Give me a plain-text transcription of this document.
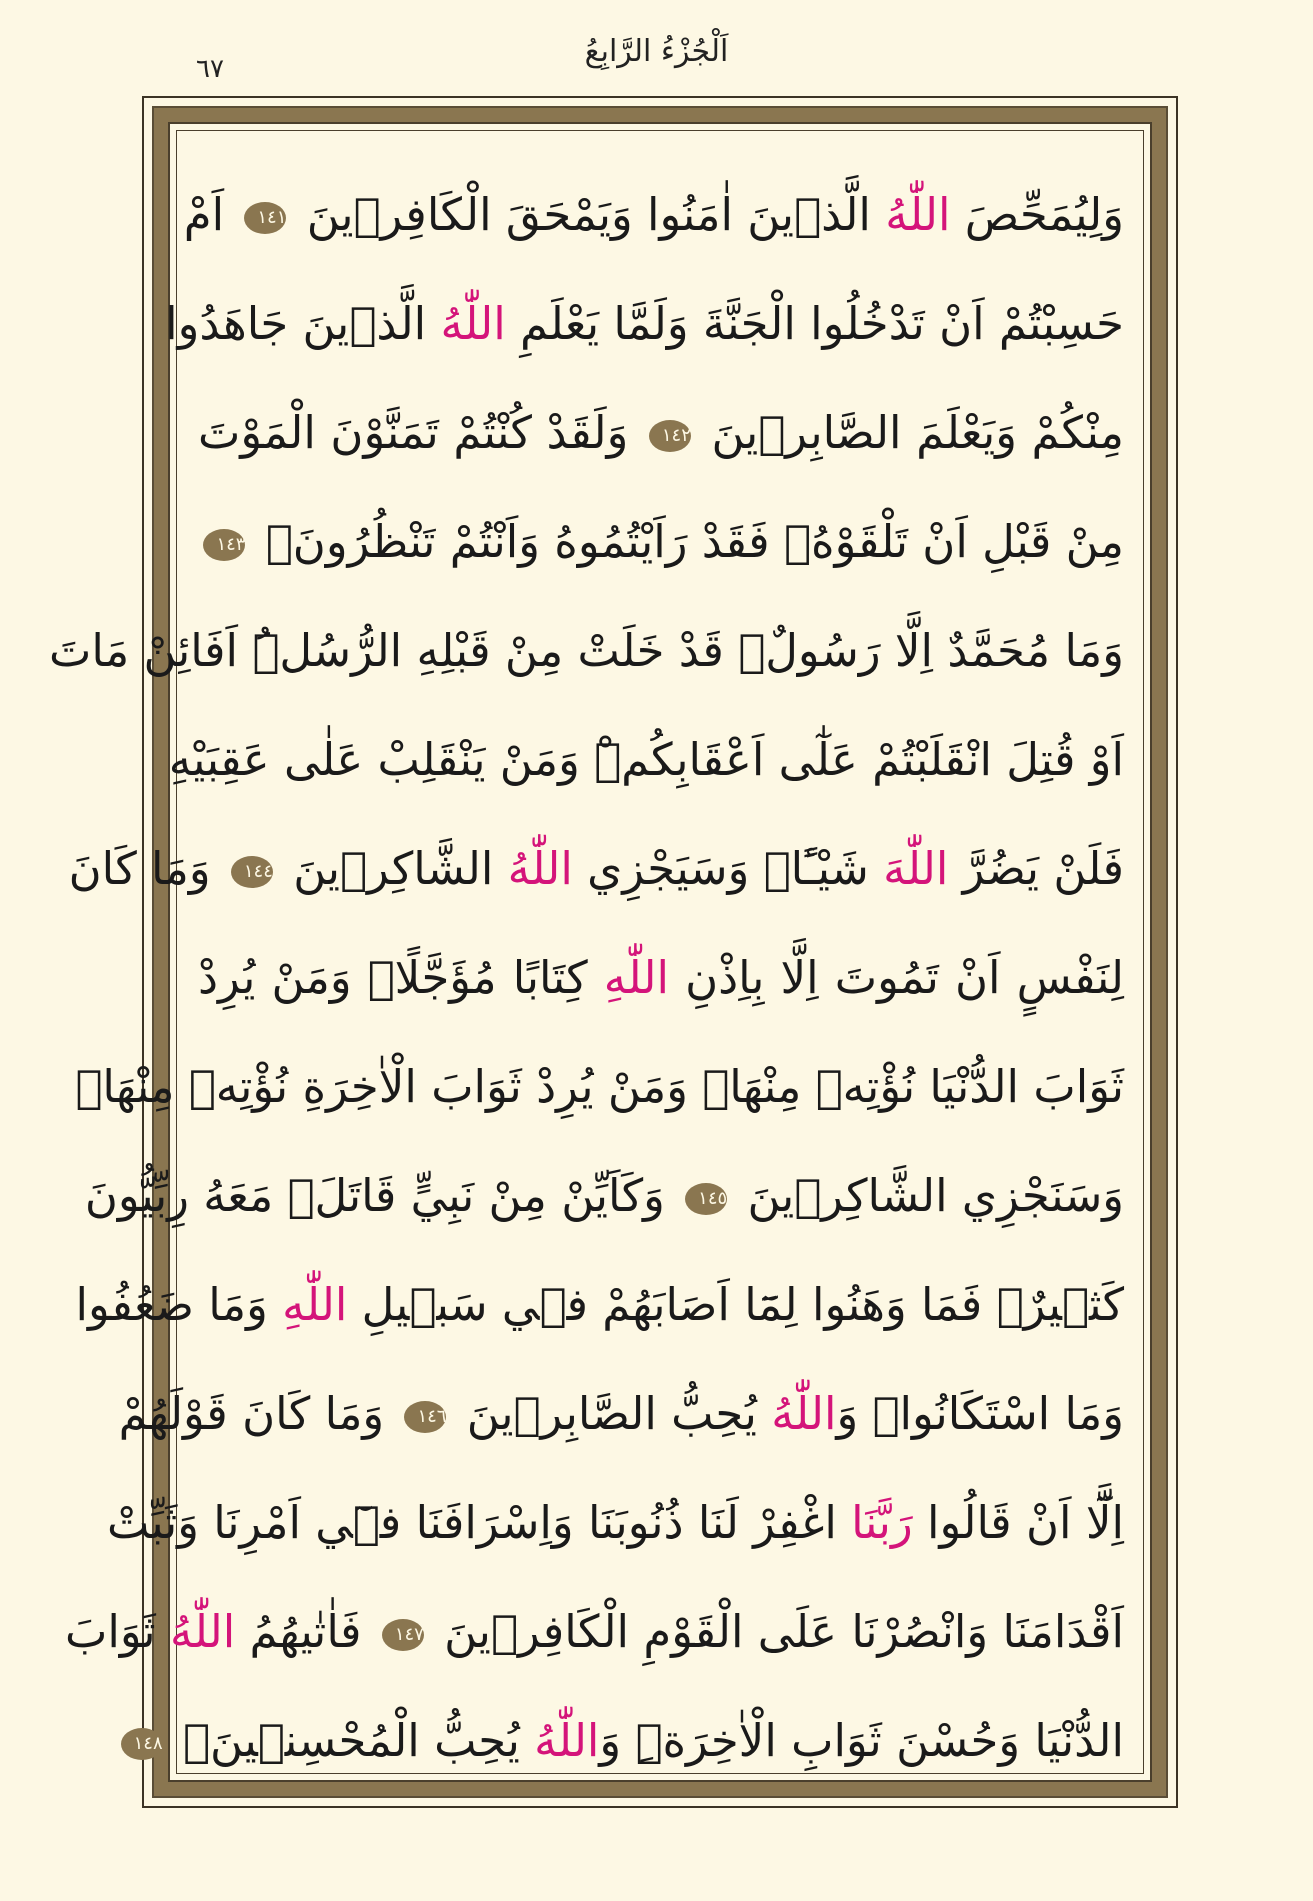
اَلْجُزْءُ الرَّابِعُ
٦٧
وَلِيُمَحِّصَ اللّٰهُ الَّذ۪ينَ اٰمَنُوا وَيَمْحَقَ الْكَافِر۪ينَ ١٤١ اَمْ
حَسِبْتُمْ اَنْ تَدْخُلُوا الْجَنَّةَ وَلَمَّا يَعْلَمِ اللّٰهُ الَّذ۪ينَ جَاهَدُوا
مِنْكُمْ وَيَعْلَمَ الصَّابِر۪ينَ ١٤٢ وَلَقَدْ كُنْتُمْ تَمَنَّوْنَ الْمَوْتَ
مِنْ قَبْلِ اَنْ تَلْقَوْهُۖ فَقَدْ رَاَيْتُمُوهُ وَاَنْتُمْ تَنْظُرُونَ۟ ١٤٣
وَمَا مُحَمَّدٌ اِلَّا رَسُولٌۚ قَدْ خَلَتْ مِنْ قَبْلِهِ الرُّسُلُۜ اَفَائِنْ مَاتَ
اَوْ قُتِلَ انْقَلَبْتُمْ عَلٰٓى اَعْقَابِكُمْۜ وَمَنْ يَنْقَلِبْ عَلٰى عَقِبَيْهِ
فَلَنْ يَضُرَّ اللّٰهَ شَيْـًٔاۜ وَسَيَجْزِي اللّٰهُ الشَّاكِر۪ينَ ١٤٤ وَمَا كَانَ
لِنَفْسٍ اَنْ تَمُوتَ اِلَّا بِاِذْنِ اللّٰهِ كِتَابًا مُؤَجَّلًاۜ وَمَنْ يُرِدْ
ثَوَابَ الدُّنْيَا نُؤْتِه۪ مِنْهَاۚ وَمَنْ يُرِدْ ثَوَابَ الْاٰخِرَةِ نُؤْتِه۪ مِنْهَاۜ
وَسَنَجْزِي الشَّاكِر۪ينَ ١٤٥ وَكَاَيِّنْ مِنْ نَبِيٍّ قَاتَلَۙ مَعَهُ رِبِّيُّونَ
كَث۪يرٌۚ فَمَا وَهَنُوا لِمَٓا اَصَابَهُمْ ف۪ي سَب۪يلِ اللّٰهِ وَمَا ضَعُفُوا
وَمَا اسْتَكَانُواۜ وَاللّٰهُ يُحِبُّ الصَّابِر۪ينَ ١٤٦ وَمَا كَانَ قَوْلَهُمْ
اِلَّٓا اَنْ قَالُوا رَبَّنَا اغْفِرْ لَنَا ذُنُوبَنَا وَاِسْرَافَنَا ف۪ٓي اَمْرِنَا وَثَبِّتْ
اَقْدَامَنَا وَانْصُرْنَا عَلَى الْقَوْمِ الْكَافِر۪ينَ ١٤٧ فَاٰتٰيهُمُ اللّٰهُ ثَوَابَ
الدُّنْيَا وَحُسْنَ ثَوَابِ الْاٰخِرَةِۜ وَاللّٰهُ يُحِبُّ الْمُحْسِن۪ينَ۟ ١٤٨
